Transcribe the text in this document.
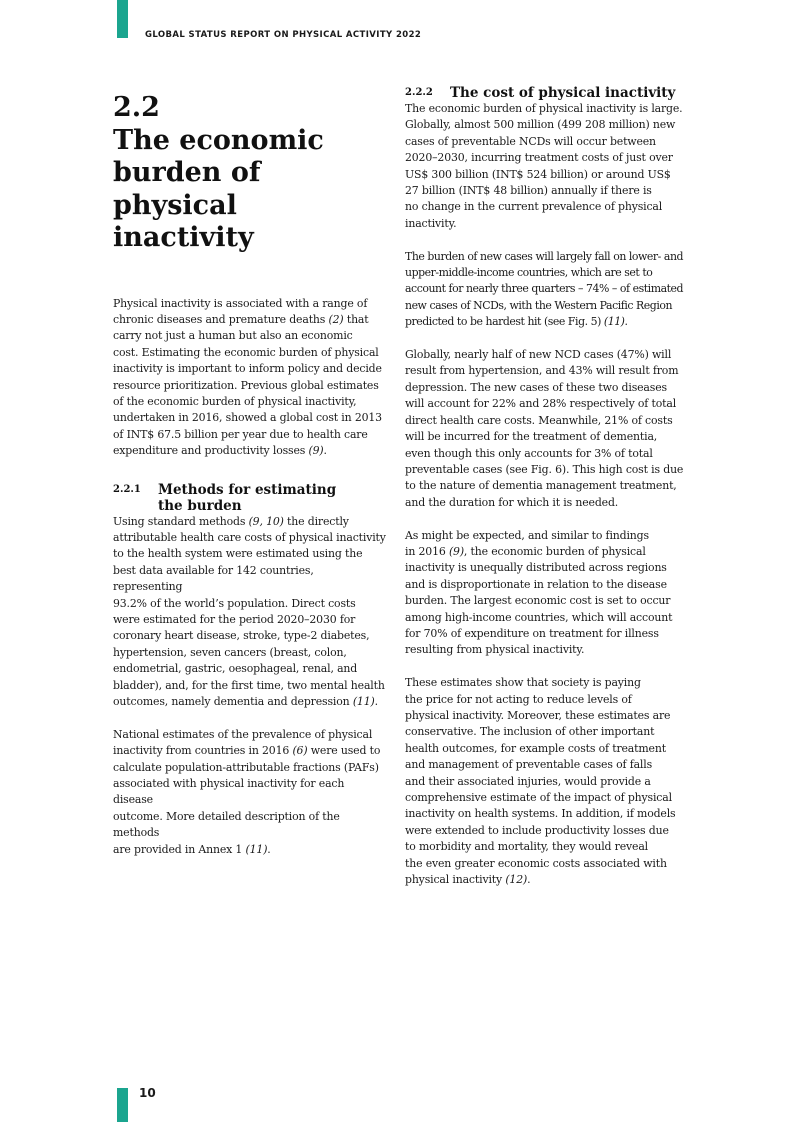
GLOBAL STATUS REPORT ON PHYSICAL ACTIVITY 2022
2.2
The economic
burden of physical
inactivity

Physical inactivity is associated with a range of
chronic diseases and premature deaths (2) that
carry not just a human but also an economic
cost. Estimating the economic burden of physical
inactivity is important to inform policy and decide
resource prioritization. Previous global estimates
of the economic burden of physical inactivity,
undertaken in 2016, showed a global cost in 2013
of INT$ 67.5 billion per year due to health care
expenditure and productivity losses (9).

2.2.1	Methods for estimating
the burden

Using standard methods (9, 10) the directly
attributable health care costs of physical inactivity
to the health system were estimated using the
best data available for 142 countries, representing
93.2% of the world’s population. Direct costs
were estimated for the period 2020–2030 for
coronary heart disease, stroke, type-2 diabetes,
hypertension, seven cancers (breast, colon,
endometrial, gastric, oesophageal, renal, and
bladder), and, for the first time, two mental health
outcomes, namely dementia and depression (11).

National estimates of the prevalence of physical
inactivity from countries in 2016 (6) were used to
calculate population-attributable fractions (PAFs)
associated with physical inactivity for each disease
outcome. More detailed description of the methods
are provided in Annex 1 (11).

2.2.2	The cost of physical inactivity

The economic burden of physical inactivity is large.
Globally, almost 500 million (499 208 million) new
cases of preventable NCDs will occur between
2020–2030, incurring treatment costs of just over
US$ 300 billion (INT$ 524 billion) or around US$
27 billion (INT$ 48 billion) annually if there is
no change in the current prevalence of physical
inactivity.

The burden of new cases will largely fall on lower- and
upper-middle-income countries, which are set to
account for nearly three quarters – 74% – of estimated
new cases of NCDs, with the Western Pacific Region
predicted to be hardest hit (see Fig. 5) (11).

Globally, nearly half of new NCD cases (47%) will
result from hypertension, and 43% will result from
depression. The new cases of these two diseases
will account for 22% and 28% respectively of total
direct health care costs. Meanwhile, 21% of costs
will be incurred for the treatment of dementia,
even though this only accounts for 3% of total
preventable cases (see Fig. 6). This high cost is due
to the nature of dementia management treatment,
and the duration for which it is needed.

As might be expected, and similar to findings
in 2016 (9), the economic burden of physical
inactivity is unequally distributed across regions
and is disproportionate in relation to the disease
burden. The largest economic cost is set to occur
among high-income countries, which will account
for 70% of expenditure on treatment for illness
resulting from physical inactivity.

These estimates show that society is paying
the price for not acting to reduce levels of
physical inactivity. Moreover, these estimates are
conservative. The inclusion of other important
health outcomes, for example costs of treatment
and management of preventable cases of falls
and their associated injuries, would provide a
comprehensive estimate of the impact of physical
inactivity on health systems. In addition, if models
were extended to include productivity losses due
to morbidity and mortality, they would reveal
the even greater economic costs associated with
physical inactivity (12).

10
